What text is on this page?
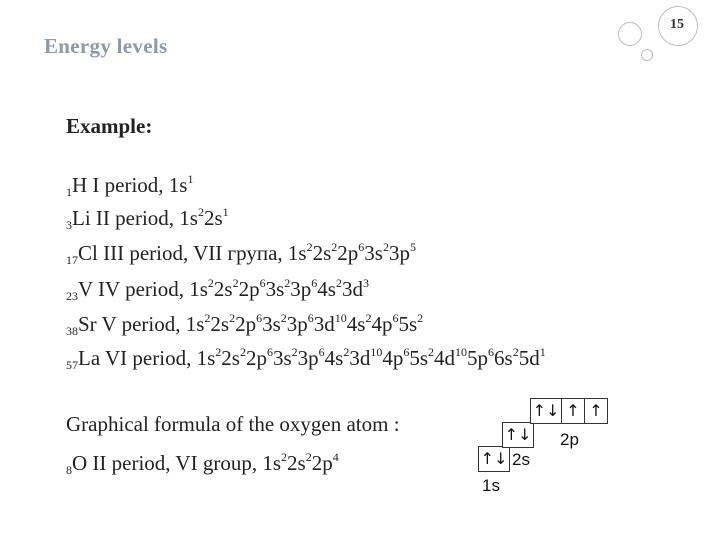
Energy levels
15
Example:
$_1$H I period, $1s^1$
$_3$Li II period, $1s^22s^1$
$_{17}$Cl III period, VII група, $1s^22s^22p^63s^23p^5$
$_{23}$V IV period, $1s^22s^22p^63s^23p^64s^23d^3$
$_{38}$Sr V period, $1s^22s^22p^63s^23p^63d^{10}4s^24p^65s^2$
$_{57}$La VI period, $1s^22s^22p^63s^23p^64s^23d^{10}4p^65s^24d^{10}5p^66s^25d^1$
Graphical formula of the oxygen atom :
$_8$O II period, VI group, $1s^22s^22p^4$	↑↓
1s
↑↓
2s
↑↓ ↑ ↑
2p
